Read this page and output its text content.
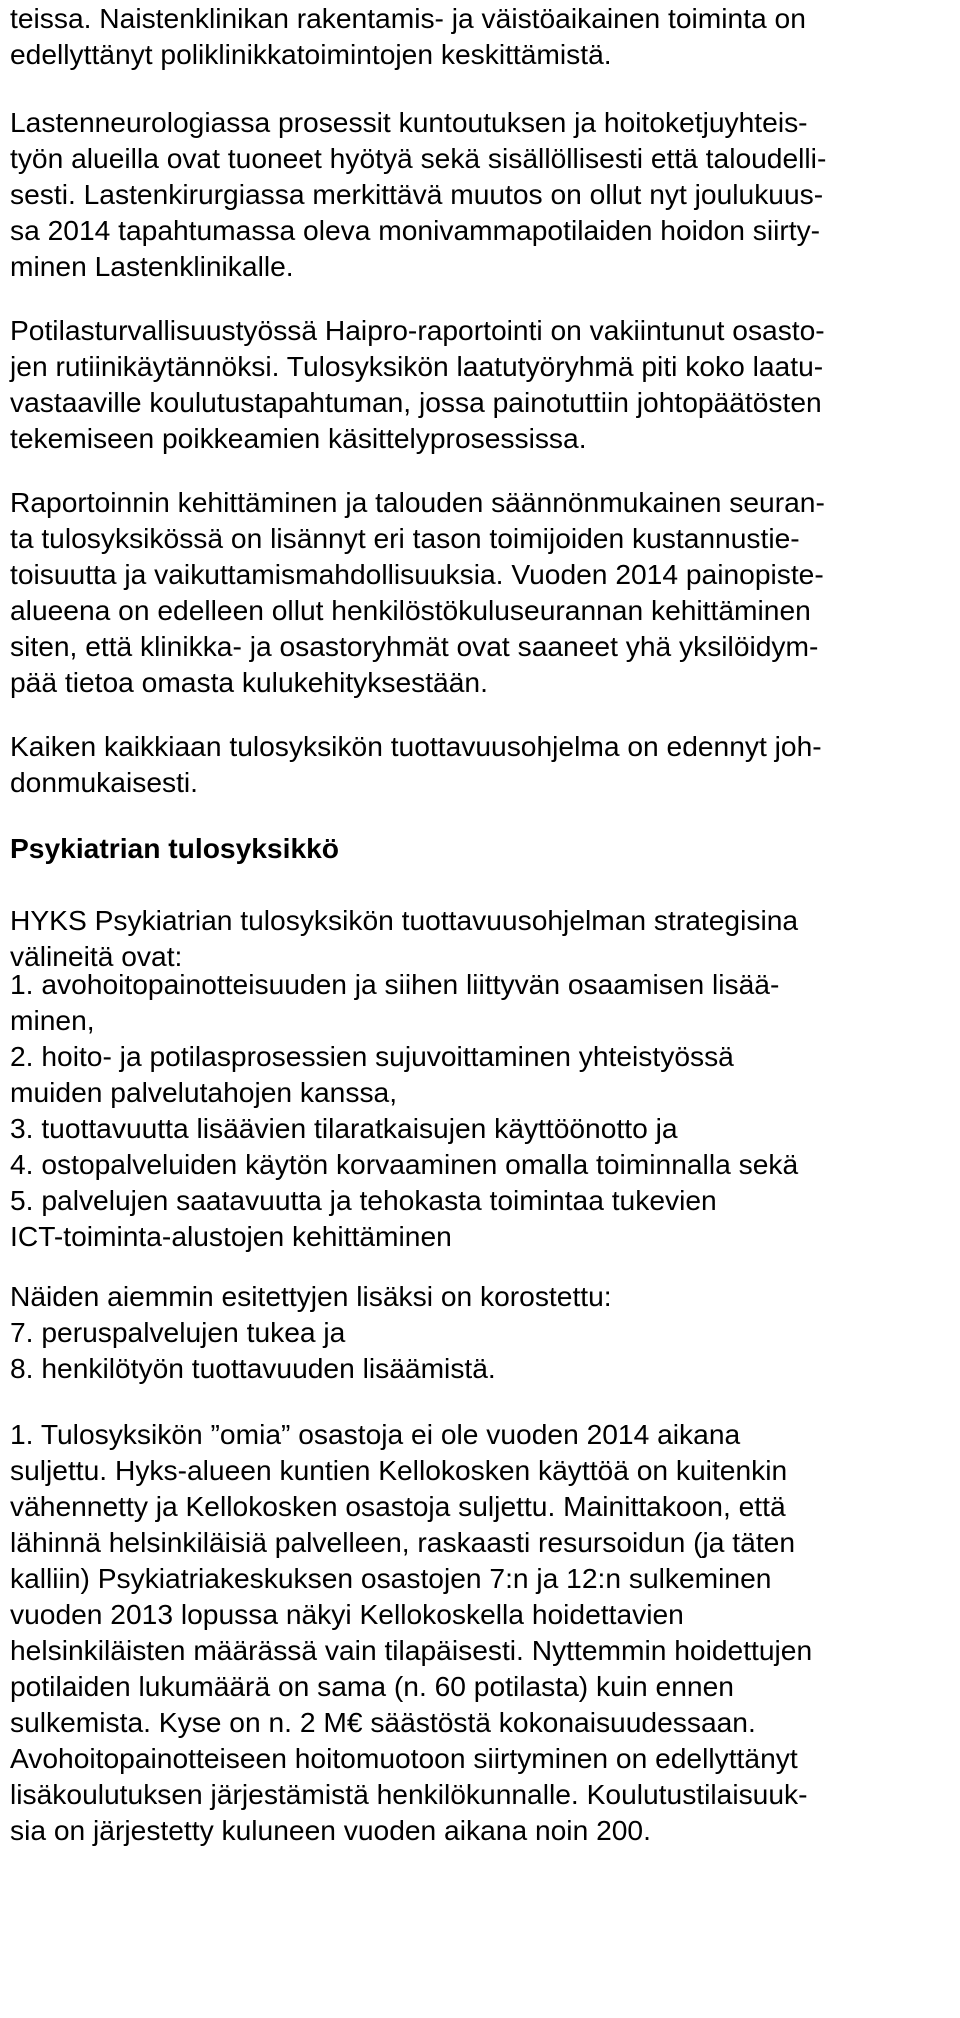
teissa. Naistenklinikan rakentamis- ja väistöaikainen toiminta on
edellyttänyt poliklinikkatoimintojen keskittämistä.
Lastenneurologiassa prosessit kuntoutuksen ja hoitoketjuyhteis-
työn alueilla ovat tuoneet hyötyä sekä sisällöllisesti että taloudelli-
sesti. Lastenkirurgiassa merkittävä muutos on ollut nyt joulukuus-
sa 2014 tapahtumassa oleva monivammapotilaiden hoidon siirty-
minen Lastenklinikalle.
Potilasturvallisuustyössä Haipro-raportointi on vakiintunut osasto-
jen rutiinikäytännöksi. Tulosyksikön laatutyöryhmä piti koko laatu-
vastaaville koulutustapahtuman, jossa painotuttiin johtopäätösten
tekemiseen poikkeamien käsittelyprosessissa.
Raportoinnin kehittäminen ja talouden säännönmukainen seuran-
ta tulosyksikössä on lisännyt eri tason toimijoiden kustannustie-
toisuutta ja vaikuttamismahdollisuuksia. Vuoden 2014 painopiste-
alueena on edelleen ollut henkilöstökuluseurannan kehittäminen
siten, että klinikka- ja osastoryhmät ovat saaneet yhä yksilöidym-
pää tietoa omasta kulukehityksestään.
Kaiken kaikkiaan tulosyksikön tuottavuusohjelma on edennyt joh-
donmukaisesti.
Psykiatrian tulosyksikkö
HYKS Psykiatrian tulosyksikön tuottavuusohjelman strategisina
välineitä ovat:
1. avohoitopainotteisuuden ja siihen liittyvän osaamisen lisää-
minen,
2. hoito- ja potilasprosessien sujuvoittaminen yhteistyössä
muiden palvelutahojen kanssa,
3. tuottavuutta lisäävien tilaratkaisujen käyttöönotto ja
4. ostopalveluiden käytön korvaaminen omalla toiminnalla sekä
5. palvelujen saatavuutta ja tehokasta toimintaa tukevien
ICT-toiminta-alustojen kehittäminen
Näiden aiemmin esitettyjen lisäksi on korostettu:
7. peruspalvelujen tukea ja
8. henkilötyön tuottavuuden lisäämistä.
1. Tulosyksikön ”omia” osastoja ei ole vuoden 2014 aikana
suljettu. Hyks-alueen kuntien Kellokosken käyttöä on kuitenkin
vähennetty ja Kellokosken osastoja suljettu. Mainittakoon, että
lähinnä helsinkiläisiä palvelleen, raskaasti resursoidun (ja täten
kalliin) Psykiatriakeskuksen osastojen 7:n ja 12:n sulkeminen
vuoden 2013 lopussa näkyi Kellokoskella hoidettavien
helsinkiläisten määrässä vain tilapäisesti. Nyttemmin hoidettujen
potilaiden lukumäärä on sama (n. 60 potilasta) kuin ennen
sulkemista. Kyse on n. 2 M€ säästöstä kokonaisuudessaan.
Avohoitopainotteiseen hoitomuotoon siirtyminen on edellyttänyt
lisäkoulutuksen järjestämistä henkilökunnalle. Koulutustilaisuuk-
sia on järjestetty kuluneen vuoden aikana noin 200.
